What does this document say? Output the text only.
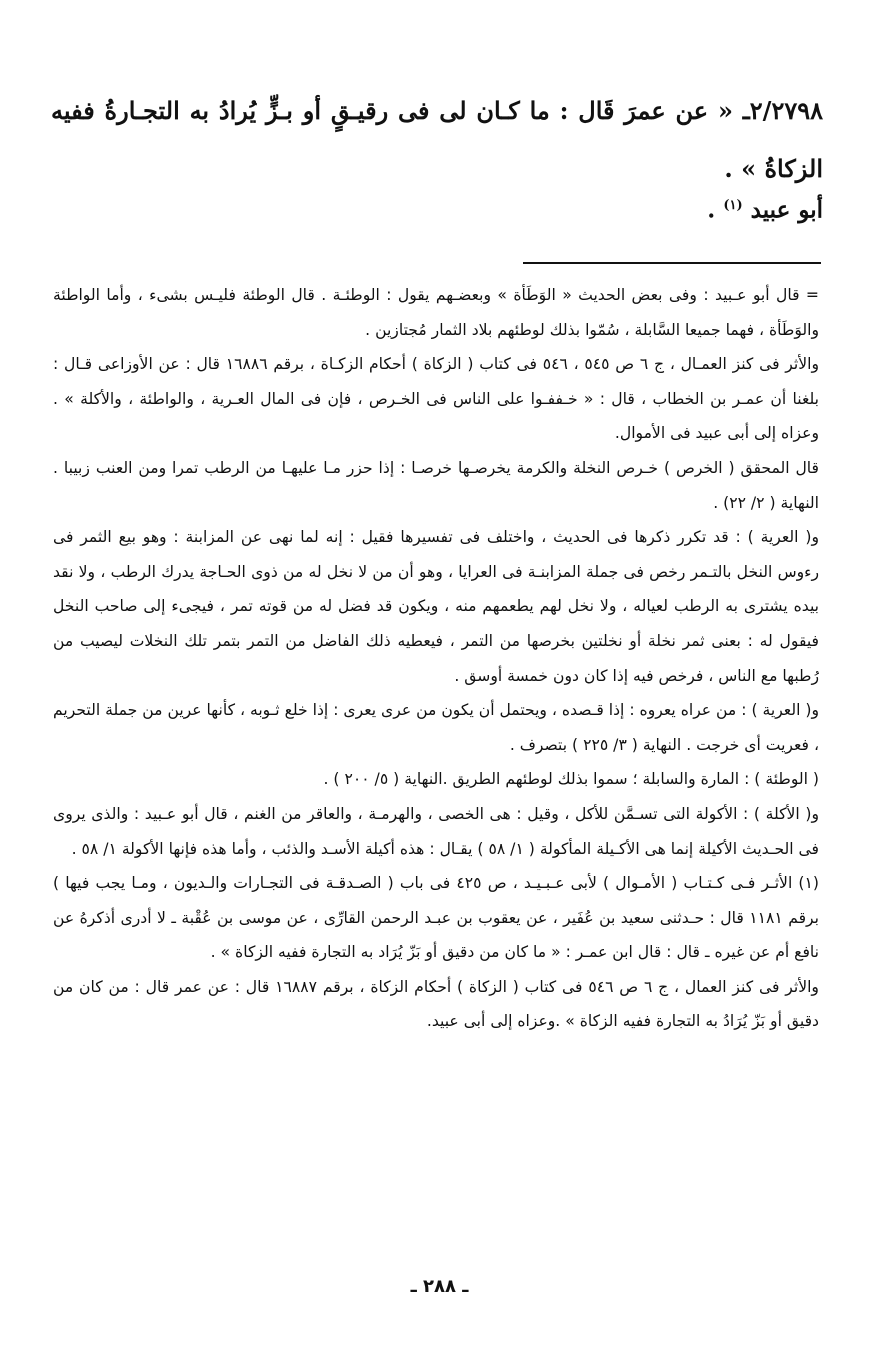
٢/٢٧٩٨ـ « عن عمرَ قَال : ما كـان لى فى رقيـقٍ أو بـزٍّ يُرادُ به التجـارةُ ففيه الزكاةُ » .

أبو عبيد $^{(١)}$ .

= قال أبو عـبيد : وفى بعض الحديث « الوَطَأة » وبعضـهم يقول : الوطئـة . قال الوطئة فليـس بشىء ، وأما الواطئة والوَطَأة ، فهما جميعا السَّابلة ، سُمّوا بذلك لوطئهم بلاد الثمار مُجتازين .

والأثر فى كنز العمـال ، ج ٦ ص ٥٤٥ ، ٥٤٦ فى كتاب ( الزكاة ) أحكام الزكـاة ، برقم ١٦٨٨٦ قال : عن الأوزاعى قـال : بلغنا أن عمـر بن الخطاب ، قال : « خـففـوا على الناس فى الخـرص ، فإن فى المال العـرية ، والواطئة ، والأكلة » . وعزاه إلى أبى عبيد فى الأموال.

قال المحقق ( الخرص ) خـرص النخلة والكرمة يخرصـها خرصـا : إذا حزر مـا عليهـا من الرطب تمرا ومن العنب زبيبا . النهاية ( ٢/ ٢٢) .

و( العرية ) : قد تكرر ذكرها فى الحديث ، واختلف فى تفسيرها فقيل : إنه لما نهى عن المزابنة : وهو بيع الثمر فى رءوس النخل بالتـمر رخص فى جملة المزابنـة فى العرايا ، وهو أن من لا نخل له من ذوى الحـاجة يدرك الرطب ، ولا نقد بيده يشترى به الرطب لعياله ، ولا نخل لهم يطعمهم منه ، ويكون قد فضل له من قوته تمر ، فيجىء إلى صاحب النخل فيقول له : بعنى ثمر نخلة أو نخلتين بخرصها من التمر ، فيعطيه ذلك الفاضل من التمر بتمر تلك النخلات ليصيب من رُطبها مع الناس ، فرخص فيه إذا كان دون خمسة أوسق .

و( العرية ) : من عراه يعروه : إذا قـصده ، ويحتمل أن يكون من عرى يعرى : إذا خلع ثـوبه ، كأنها عرين من جملة التحريم ، فعريت أى خرجت . النهاية ( ٣/ ٢٢٥ ) بتصرف .

( الوطئة ) : المارة والسابلة ؛ سموا بذلك لوطئهم الطريق .النهاية ( ٥/ ٢٠٠ ) .

و( الأكلة ) : الأكولة التى تسـمَّن للأكل ، وقيل : هى الخصى ، والهرمـة ، والعاقر من الغنم ، قال أبو عـبيد : والذى يروى فى الحـديث الأكيلة إنما هى الأكـيلة المأكولة ( ١/ ٥٨ ) يقـال : هذه أكيلة الأسـد والذئب ، وأما هذه فإنها الأكولة ١/ ٥٨ .

(١) الأثـر فـى كـتـاب ( الأمـوال ) لأبى عـبـيـد ، ص ٤٢٥ فى باب ( الصـدقـة فى التجـارات والـديون ، ومـا يجب فيها ) برقم ١١٨١ قال : حـدثنى سعيد بن عُفَير ، عن يعقوب بن عبـد الرحمن القارِّى ، عن موسى بن عُقْبة ـ لا أدرى أذكرهُ عن نافع أم عن غيره ـ قال : قال ابن عمـر : « ما كان من دقيق أو بَزّ يُرَاد به التجارة ففيه الزكاة » .

والأثر فى كنز العمال ، ج ٦ ص ٥٤٦ فى كتاب ( الزكاة ) أحكام الزكاة ، برقم ١٦٨٨٧ قال : عن عمر قال : من كان من دقيق أو بَزّ يُرَادُ به التجارة ففيه الزكاة » .وعزاه إلى أبى عبيد.

ـ ٢٨٨ ـ
